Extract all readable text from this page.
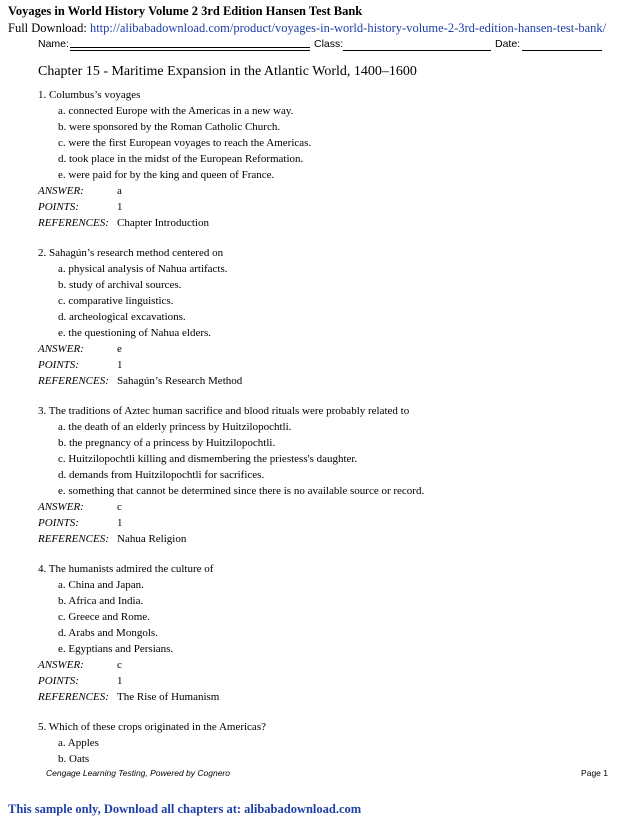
Voyages in World History Volume 2 3rd Edition Hansen Test Bank
Full Download: http://alibabadownload.com/product/voyages-in-world-history-volume-2-3rd-edition-hansen-test-bank/
Name:	Class:	Date:
Chapter 15 - Maritime Expansion in the Atlantic World, 1400–1600
1. Columbus’s voyages
a. connected Europe with the Americas in a new way.
b. were sponsored by the Roman Catholic Church.
c. were the first European voyages to reach the Americas.
d. took place in the midst of the European Reformation.
e. were paid for by the king and queen of France.
ANSWER:	a
POINTS:	1
REFERENCES: Chapter Introduction
2. Sahagún’s research method centered on
a. physical analysis of Nahua artifacts.
b. study of archival sources.
c. comparative linguistics.
d. archeological excavations.
e. the questioning of Nahua elders.
ANSWER:	e
POINTS:	1
REFERENCES: Sahagún’s Research Method
3. The traditions of Aztec human sacrifice and blood rituals were probably related to
a. the death of an elderly princess by Huitzilopochtli.
b. the pregnancy of a princess by Huitzilopochtli.
c. Huitzilopochtli killing and dismembering the priestess's daughter.
d. demands from Huitzilopochtli for sacrifices.
e. something that cannot be determined since there is no available source or record.
ANSWER:	c
POINTS:	1
REFERENCES: Nahua Religion
4. The humanists admired the culture of
a. China and Japan.
b. Africa and India.
c. Greece and Rome.
d. Arabs and Mongols.
e. Egyptians and Persians.
ANSWER:	c
POINTS:	1
REFERENCES: The Rise of Humanism
5. Which of these crops originated in the Americas?
a. Apples
b. Oats
Cengage Learning Testing, Powered by Cognero	Page 1
This sample only, Download all chapters at: alibabadownload.com
